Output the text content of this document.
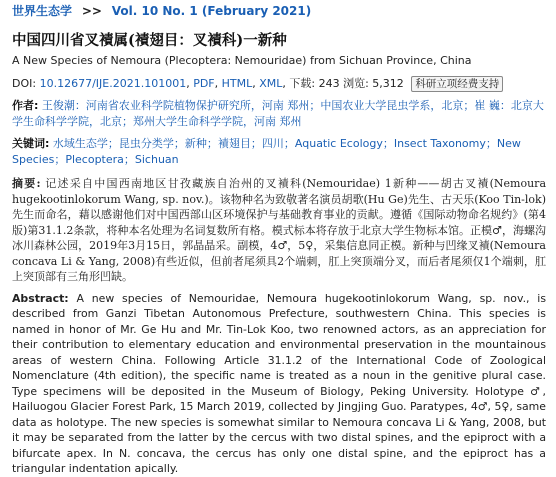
世界生态学 >> Vol. 10 No. 1 (February 2021)
中国四川省叉襀属(襀翅目：叉襀科)一新种
A New Species of Nemoura (Plecoptera: Nemouridae) from Sichuan Province, China
DOI: 10.12677/IJE.2021.101001, PDF, HTML, XML, 下载: 243 浏览: 5,312 科研立项经费支持
作者: 王俊潮：河南省农业科学院植物保护研究所，河南 郑州；中国农业大学昆虫学系，北京；崔 巍：北京大学生命科学学院，北京；郑州大学生命科学学院，河南 郑州
关键词: 水域生态学；昆虫分类学；新种；襀翅目；四川；Aquatic Ecology；Insect Taxonomy；New Species；Plecoptera；Sichuan
摘要: 记述采自中国西南地区甘孜藏族自治州的叉襀科(Nemouridae) 1新种——胡古叉襀(Nemoura hugekootinlokorum Wang, sp. nov.)。该物种名为致敬著名演员胡歌(Hu Ge)先生、古天乐(Koo Tin-lok)先生而命名，藉以感谢他们对中国西部山区环境保护与基础教育事业的贡献。遵循《国际动物命名规约》(第4版)第31.1.2条款，将种本名处理为名词复数所有格。模式标本将存放于北京大学生物标本馆。正模♂，海螺沟冰川森林公园，2019年3月15日，郭晶晶采。副模，4♂，5♀，采集信息同正模。新种与凹缘叉襀(Nemoura concava Li & Yang, 2008)有些近似，但前者尾须具2个端刺，肛上突顶端分叉，而后者尾须仅1个端刺，肛上突顶部有三角形凹缺。
Abstract: A new species of Nemouridae, Nemoura hugekootinlokorum Wang, sp. nov., is described from Ganzi Tibetan Autonomous Prefecture, southwestern China. This species is named in honor of Mr. Ge Hu and Mr. Tin-Lok Koo, two renowned actors, as an appreciation for their contribution to elementary education and environmental preservation in the mountainous areas of western China. Following Article 31.1.2 of the International Code of Zoological Nomenclature (4th edition), the specific name is treated as a noun in the genitive plural case. Type specimens will be deposited in the Museum of Biology, Peking University. Holotype ♂, Hailuogou Glacier Forest Park, 15 March 2019, collected by Jingjing Guo. Paratypes, 4♂, 5♀, same data as holotype. The new species is somewhat similar to Nemoura concava Li & Yang, 2008, but it may be separated from the latter by the cercus with two distal spines, and the epiproct with a bifurcate apex. In N. concava, the cercus has only one distal spine, and the epiproct has a triangular indentation apically.
